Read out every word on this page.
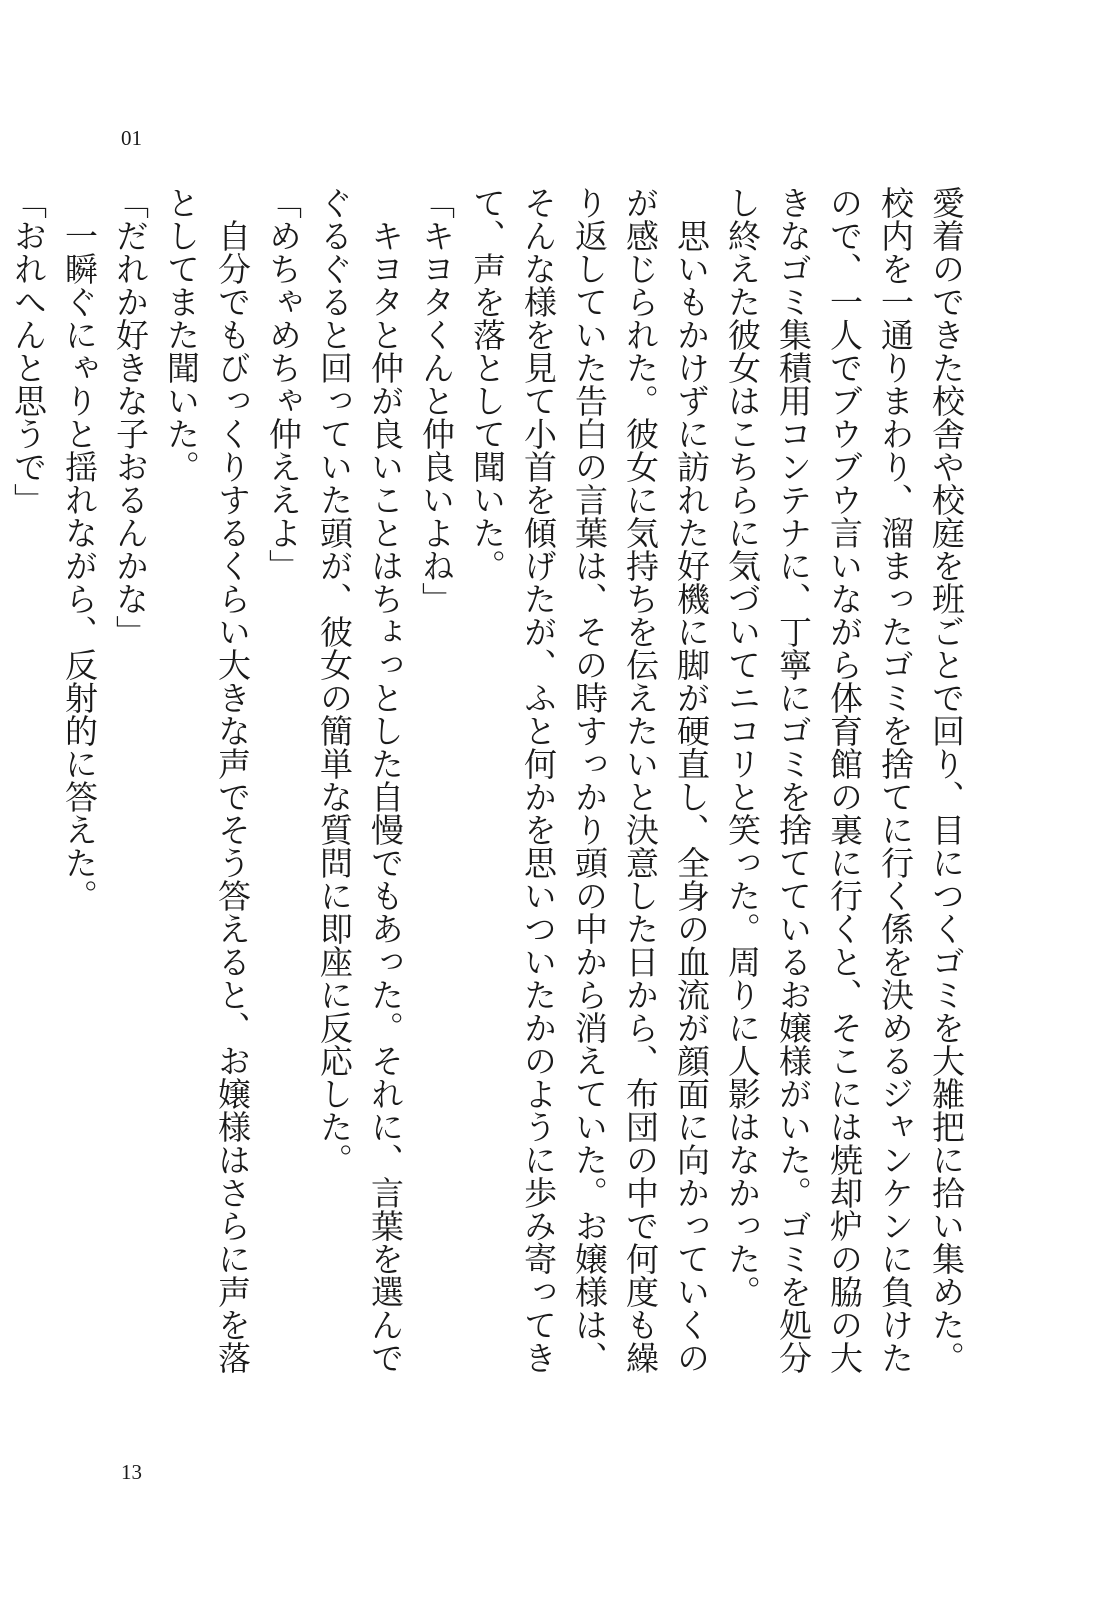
01

愛着のできた校舎や校庭を班ごとで回り、目につくゴミを大雑把に拾い集めた。校内を一通りまわり、溜まったゴミを捨てに行く係を決めるジャンケンに負けたので、一人でブウブウ言いながら体育館の裏に行くと、そこには焼却炉の脇の大きなゴミ集積用コンテナに、丁寧にゴミを捨てているお嬢様がいた。ゴミを処分し終えた彼女はこちらに気づいてニコリと笑った。周りに人影はなかった。

　思いもかけずに訪れた好機に脚が硬直し、全身の血流が顔面に向かっていくのが感じられた。彼女に気持ちを伝えたいと決意した日から、布団の中で何度も繰り返していた告白の言葉は、その時すっかり頭の中から消えていた。お嬢様は、そんな様を見て小首を傾げたが、ふと何かを思いついたかのように歩み寄ってきて、声を落として聞いた。

「キヨタくんと仲良いよね」

　キヨタと仲が良いことはちょっとした自慢でもあった。それに、言葉を選んでぐるぐると回っていた頭が、彼女の簡単な質問に即座に反応した。

「めちゃめちゃ仲ええよ」

　自分でもびっくりするくらい大きな声でそう答えると、お嬢様はさらに声を落としてまた聞いた。

「だれか好きな子おるんかな」

　一瞬ぐにゃりと揺れながら、反射的に答えた。

「おれへんと思うで」

13
